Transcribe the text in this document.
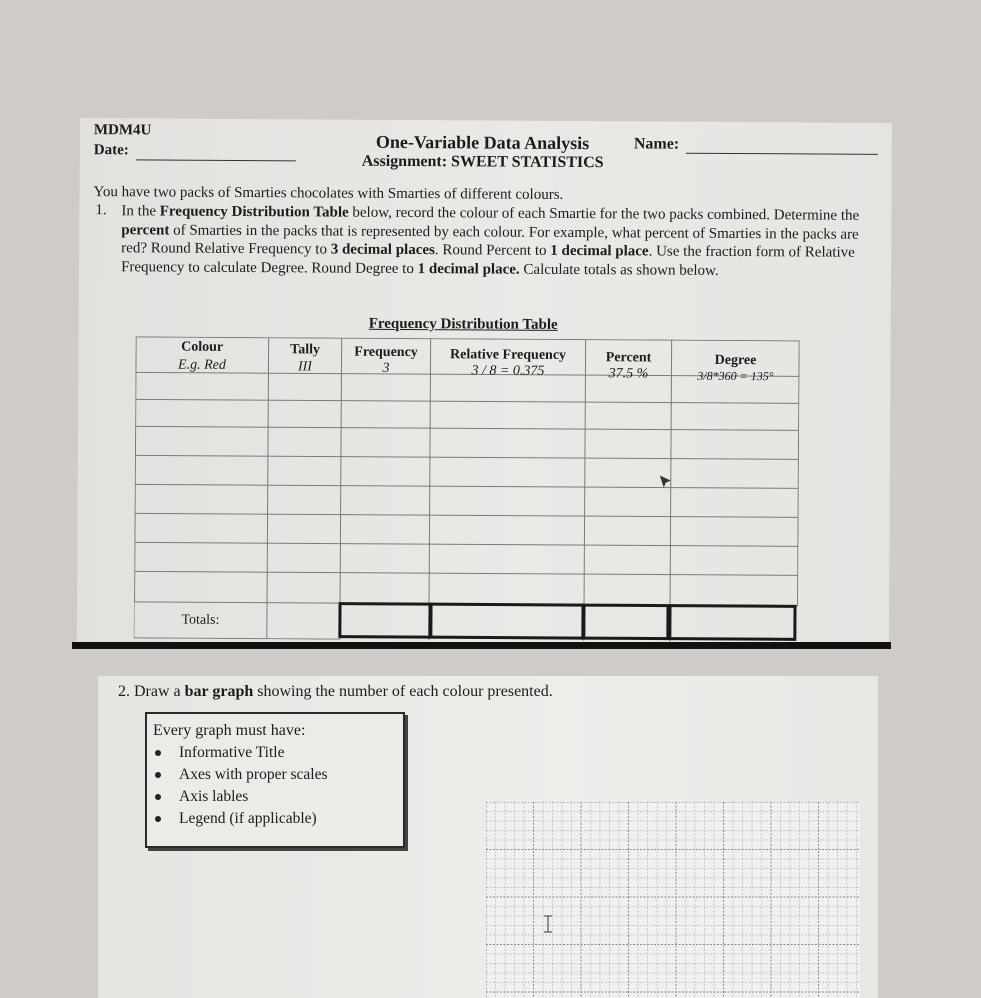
MDM4U
Date:	One-Variable Data Analysis
Assignment: SWEET STATISTICS
Name:
You have two packs of Smarties chocolates with Smarties of different colours.
1. In the Frequency Distribution Table below, record the colour of each Smartie for the two packs combined. Determine the percent of Smarties in the packs that is represented by each colour. For example, what percent of Smarties in the packs are red? Round Relative Frequency to 3 decimal places. Round Percent to 1 decimal place. Use the fraction form of Relative Frequency to calculate Degree. Round Degree to 1 decimal place. Calculate totals as shown below.
Frequency Distribution Table
Colour	Tally	Frequency	Relative Frequency	Percent	Degree
E.g. Red	III	3	3 / 8 = 0.375	37.5 %	3/8*360 = 135°
Totals:
2. Draw a bar graph showing the number of each colour presented.
Every graph must have:
Informative Title
Axes with proper scales
Axis lables
Legend (if applicable)
